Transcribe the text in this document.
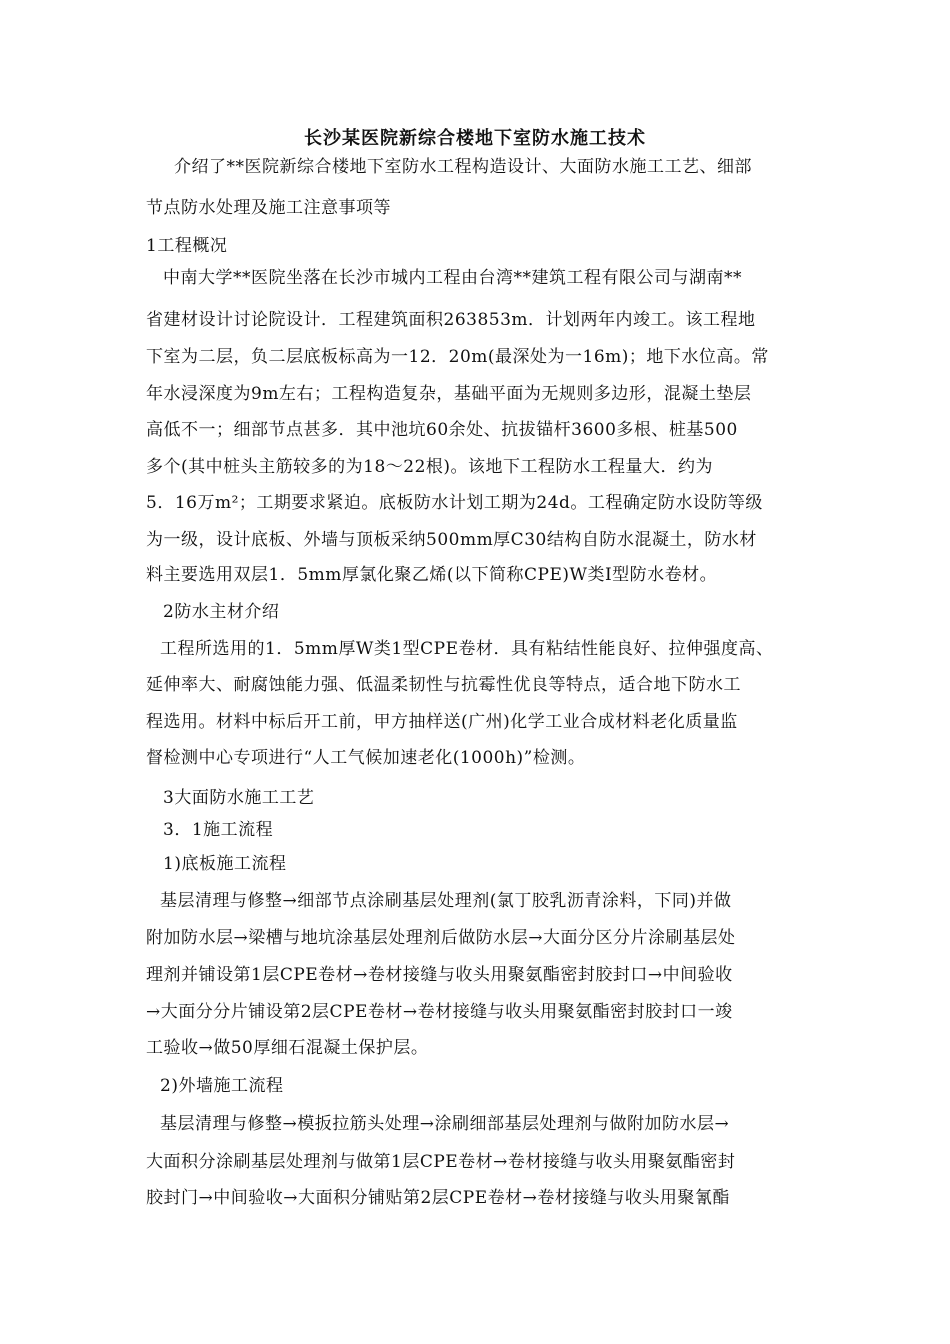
长沙某医院新综合楼地下室防水施工技术
介绍了**医院新综合楼地下室防水工程构造设计、大面防水施工工艺、细部
节点防水处理及施工注意事项等
1工程概况
中南大学**医院坐落在长沙市城内工程由台湾**建筑工程有限公司与湖南**
省建材设计讨论院设计．工程建筑面积263853m．计划两年内竣工。该工程地
下室为二层，负二层底板标高为一12．20m(最深处为一16m)；地下水位高。常
年水浸深度为9m左右；工程构造复杂，基础平面为无规则多边形，混凝土垫层
高低不一；细部节点甚多．其中池坑60余处、抗拔锚杆3600多根、桩基500
多个(其中桩头主筋较多的为18～22根)。该地下工程防水工程量大．约为
5．16万m²；工期要求紧迫。底板防水计划工期为24d。工程确定防水设防等级
为一级，设计底板、外墙与顶板采纳500mm厚C30结构自防水混凝土，防水材
料主要选用双层1．5mm厚氯化聚乙烯(以下简称CPE)W类I型防水卷材。
2防水主材介绍
工程所选用的1．5mm厚W类1型CPE卷材．具有粘结性能良好、拉伸强度高、
延伸率大、耐腐蚀能力强、低温柔韧性与抗霉性优良等特点，适合地下防水工
程选用。材料中标后开工前，甲方抽样送(广州)化学工业合成材料老化质量监
督检测中心专项进行“人工气候加速老化(1000h)”检测。
3大面防水施工工艺
3．1施工流程
1)底板施工流程
基层清理与修整→细部节点涂刷基层处理剂(氯丁胶乳沥青涂料，下同)并做
附加防水层→梁槽与地坑涂基层处理剂后做防水层→大面分区分片涂刷基层处
理剂并铺设第1层CPE卷材→卷材接缝与收头用聚氨酯密封胶封口→中间验收
→大面分分片铺设第2层CPE卷材→卷材接缝与收头用聚氨酯密封胶封口一竣
工验收→做50厚细石混凝土保护层。
2)外墙施工流程
基层清理与修整→模扳拉筋头处理→涂刷细部基层处理剂与做附加防水层→
大面积分涂刷基层处理剂与做第1层CPE卷材→卷材接缝与收头用聚氨酯密封
胶封门→中间验收→大面积分铺贴第2层CPE卷材→卷材接缝与收头用聚氰酯
